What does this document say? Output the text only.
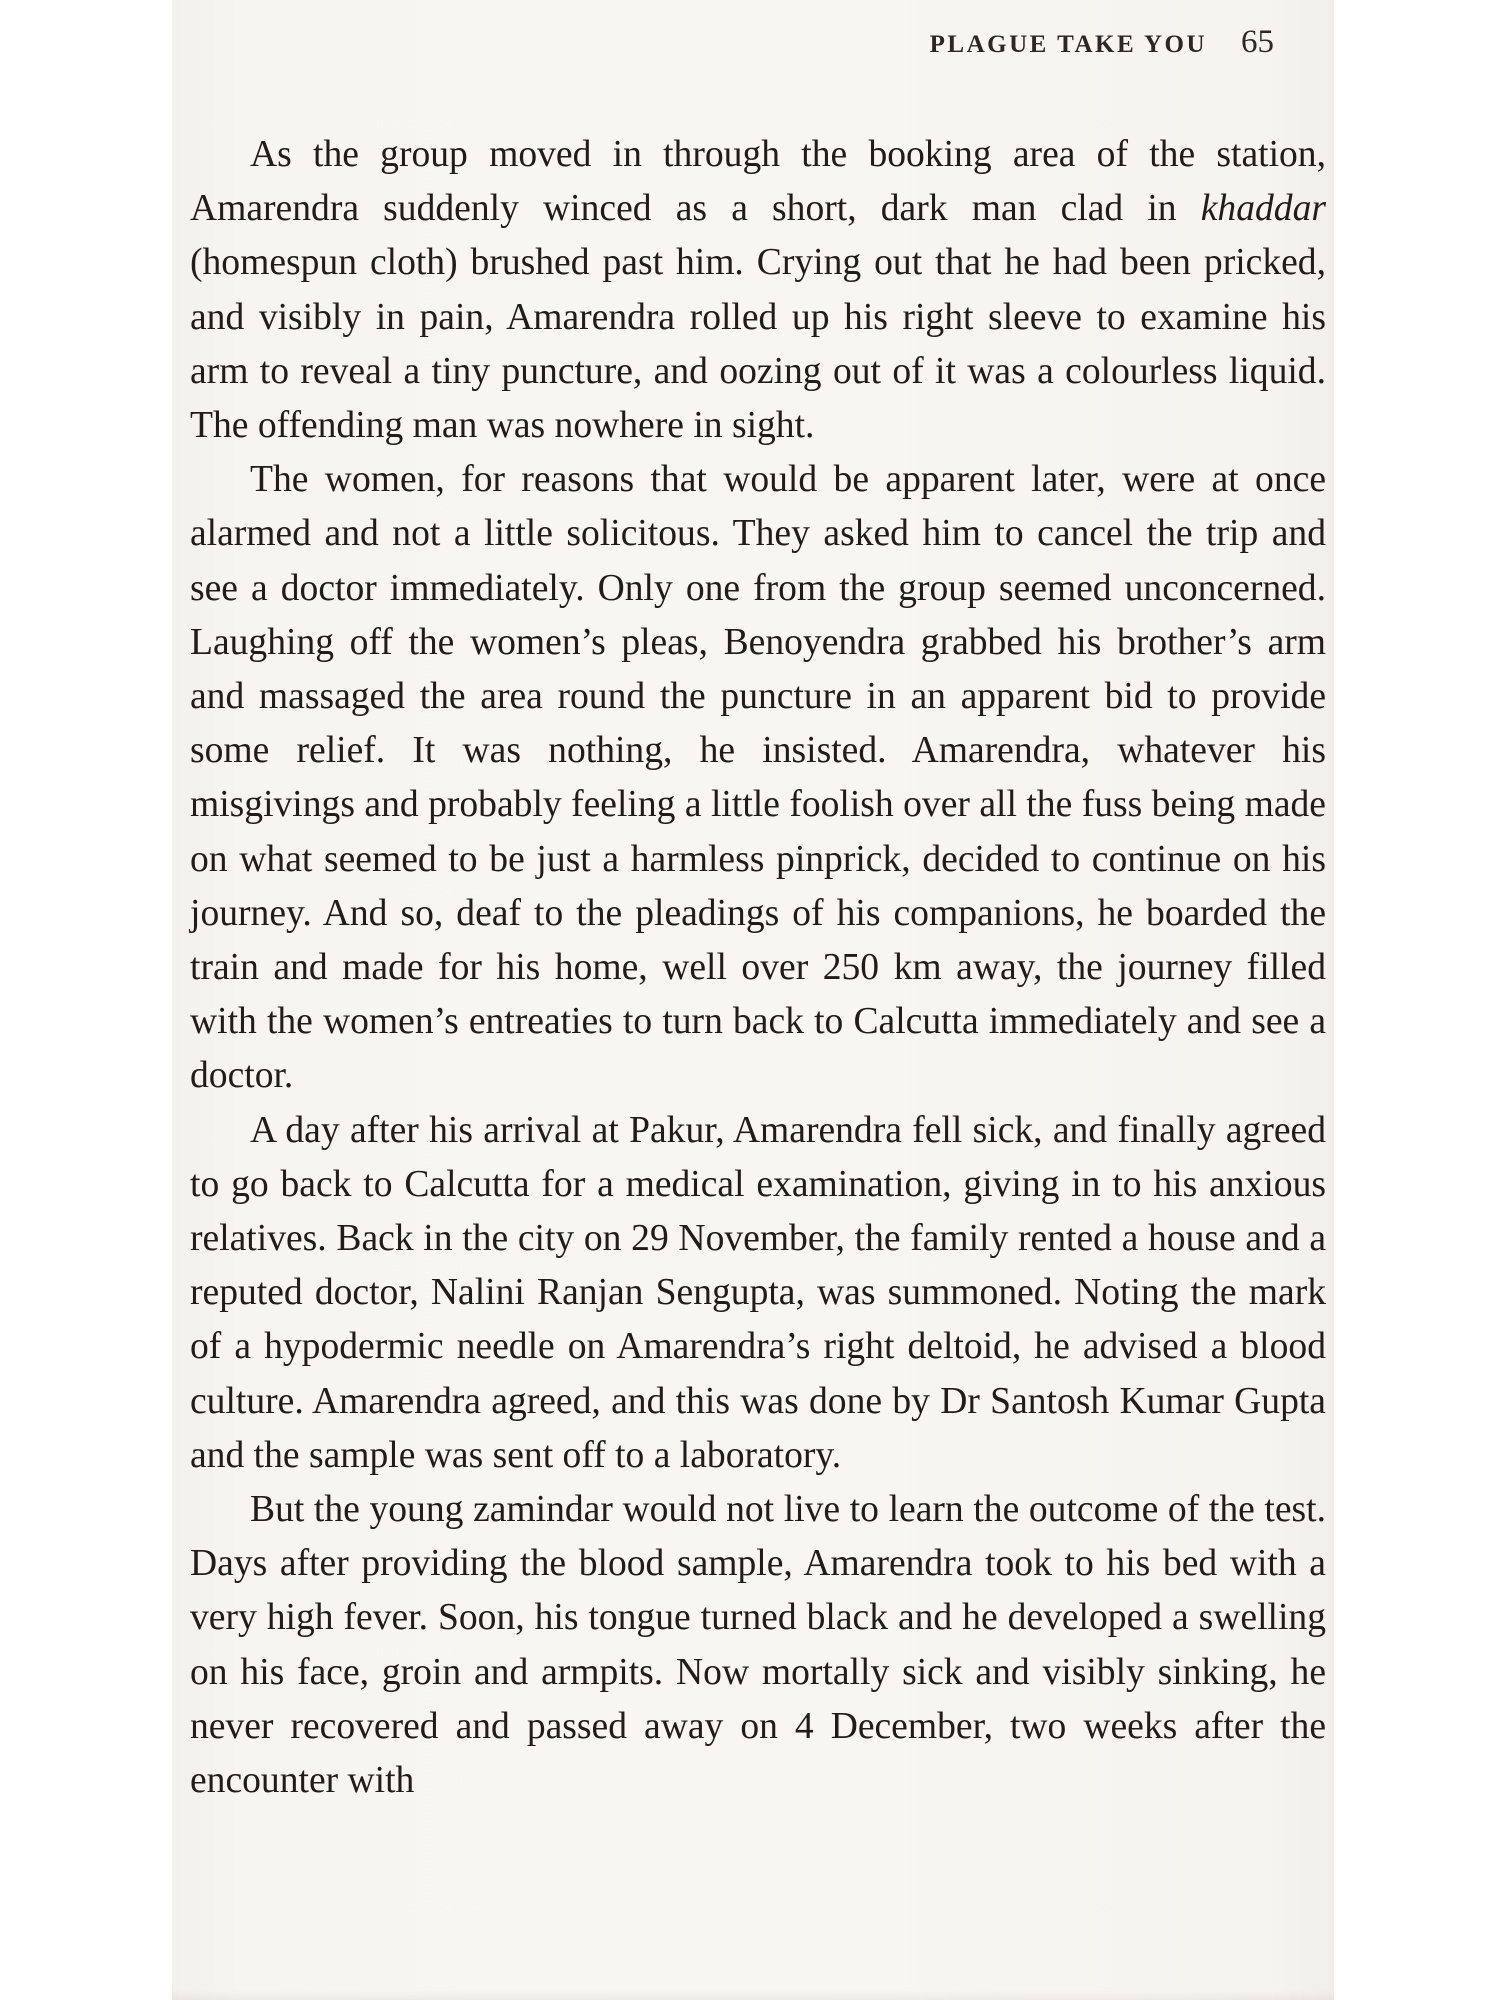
PLAGUE TAKE YOU 65

As the group moved in through the booking area of the station, Amarendra suddenly winced as a short, dark man clad in khaddar (homespun cloth) brushed past him. Crying out that he had been pricked, and visibly in pain, Amarendra rolled up his right sleeve to examine his arm to reveal a tiny puncture, and oozing out of it was a colourless liquid. The offending man was nowhere in sight.

The women, for reasons that would be apparent later, were at once alarmed and not a little solicitous. They asked him to cancel the trip and see a doctor immediately. Only one from the group seemed unconcerned. Laughing off the women’s pleas, Benoyendra grabbed his brother’s arm and massaged the area round the puncture in an apparent bid to provide some relief. It was nothing, he insisted. Amarendra, whatever his misgivings and probably feeling a little foolish over all the fuss being made on what seemed to be just a harmless pinprick, decided to continue on his journey. And so, deaf to the pleadings of his companions, he boarded the train and made for his home, well over 250 km away, the journey filled with the women’s entreaties to turn back to Calcutta immediately and see a doctor.

A day after his arrival at Pakur, Amarendra fell sick, and finally agreed to go back to Calcutta for a medical examination, giving in to his anxious relatives. Back in the city on 29 November, the family rented a house and a reputed doctor, Nalini Ranjan Sengupta, was summoned. Noting the mark of a hypodermic needle on Amarendra’s right deltoid, he advised a blood culture. Amarendra agreed, and this was done by Dr Santosh Kumar Gupta and the sample was sent off to a laboratory.

But the young zamindar would not live to learn the outcome of the test. Days after providing the blood sample, Amarendra took to his bed with a very high fever. Soon, his tongue turned black and he developed a swelling on his face, groin and armpits. Now mortally sick and visibly sinking, he never recovered and passed away on 4 December, two weeks after the encounter with
